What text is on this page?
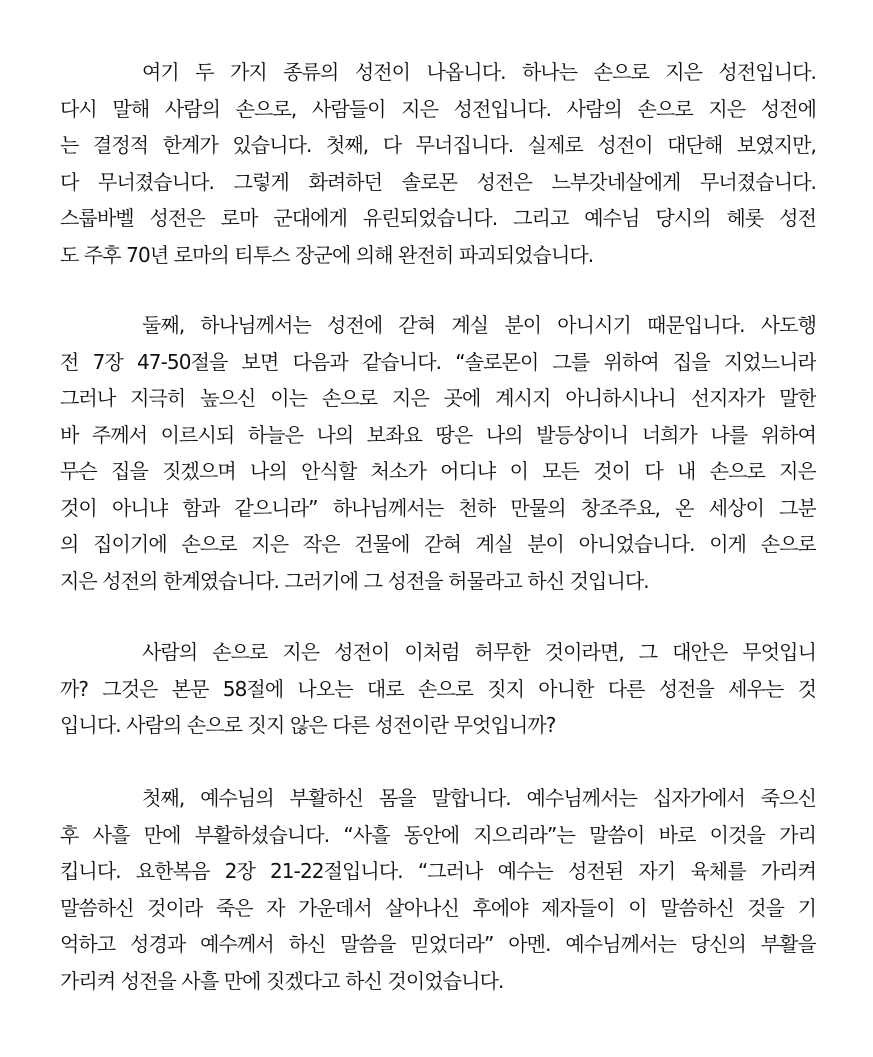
여기 두 가지 종류의 성전이 나옵니다. 하나는 손으로 지은 성전입니다.
다시 말해 사람의 손으로, 사람들이 지은 성전입니다. 사람의 손으로 지은 성전에
는 결정적 한계가 있습니다. 첫째, 다 무너집니다. 실제로 성전이 대단해 보였지만,
다 무너졌습니다. 그렇게 화려하던 솔로몬 성전은 느부갓네살에게 무너졌습니다.
스룹바벨 성전은 로마 군대에게 유린되었습니다. 그리고 예수님 당시의 헤롯 성전
도 주후 70년 로마의 티투스 장군에 의해 완전히 파괴되었습니다.
둘째, 하나님께서는 성전에 갇혀 계실 분이 아니시기 때문입니다. 사도행
전 7장 47-50절을 보면 다음과 같습니다. “솔로몬이 그를 위하여 집을 지었느니라
그러나 지극히 높으신 이는 손으로 지은 곳에 계시지 아니하시나니 선지자가 말한
바 주께서 이르시되 하늘은 나의 보좌요 땅은 나의 발등상이니 너희가 나를 위하여
무슨 집을 짓겠으며 나의 안식할 처소가 어디냐 이 모든 것이 다 내 손으로 지은
것이 아니냐 함과 같으니라” 하나님께서는 천하 만물의 창조주요, 온 세상이 그분
의 집이기에 손으로 지은 작은 건물에 갇혀 계실 분이 아니었습니다. 이게 손으로
지은 성전의 한계였습니다. 그러기에 그 성전을 허물라고 하신 것입니다.
사람의 손으로 지은 성전이 이처럼 허무한 것이라면, 그 대안은 무엇입니
까? 그것은 본문 58절에 나오는 대로 손으로 짓지 아니한 다른 성전을 세우는 것
입니다. 사람의 손으로 짓지 않은 다른 성전이란 무엇입니까?
첫째, 예수님의 부활하신 몸을 말합니다. 예수님께서는 십자가에서 죽으신
후 사흘 만에 부활하셨습니다. “사흘 동안에 지으리라”는 말씀이 바로 이것을 가리
킵니다. 요한복음 2장 21-22절입니다. “그러나 예수는 성전된 자기 육체를 가리켜
말씀하신 것이라 죽은 자 가운데서 살아나신 후에야 제자들이 이 말씀하신 것을 기
억하고 성경과 예수께서 하신 말씀을 믿었더라” 아멘. 예수님께서는 당신의 부활을
가리켜 성전을 사흘 만에 짓겠다고 하신 것이었습니다.
